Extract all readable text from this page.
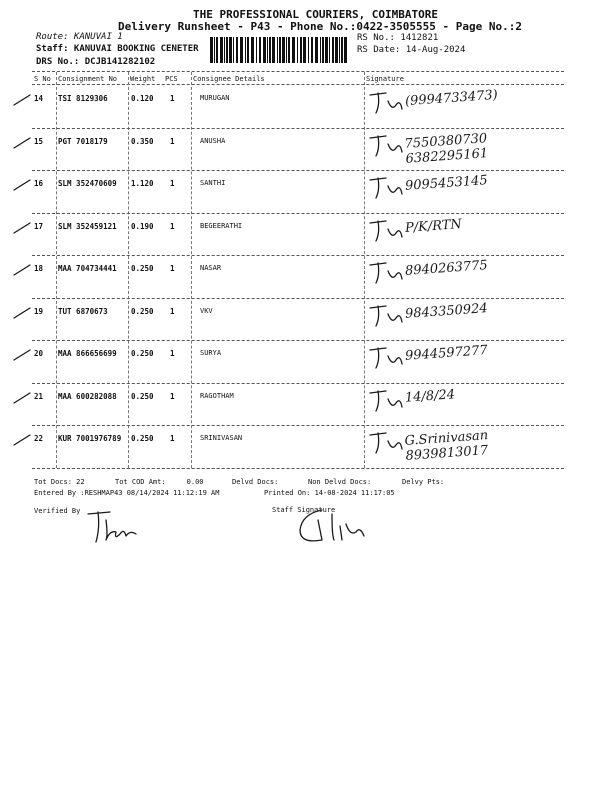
THE PROFESSIONAL COURIERS, COIMBATORE
Delivery Runsheet - P43 - Phone No.:0422-3505555 - Page No.:2
Route: KANUVAI 1
Staff: KANUVAI BOOKING CENETER
DRS No.: DCJB141282102
RS No.: 1412821
RS Date: 14-Aug-2024
S No Consignment No Weight PCS Consignee Details	Signature
14 TSI 8129306	0.120 1	MURUGAN	(9994733473)
15 PGT 7018179	0.350 1	ANUSHA	7550380730
6382295161
16 SLM 352470609 1.120 1	SANTHI	9095453145
17 SLM 352459121 0.190 1	BEGEERATHI	P/K/RTN
18 MAA 704734441 0.250 1	NASAR	8940263775
19 TUT 6870673	0.250 1	VKV	9843350924
20 MAA 866656699 0.250 1	SURYA	9944597277
21 MAA 600282088 0.250 1	RAGOTHAM	14/8/24
22 KUR 7001976789 0.250 1	SRINIVASAN	G.Srinivasan
8939813017
Tot Docs: 22	Tot COD Amt:     0.00	Delvd Docs:	Non Delvd Docs:	Delvy Pts:
Entered By :RESHMAP43 08/14/2024 11:12:19 AM	Printed On: 14-08-2024 11:17:05
Verified By	Staff Signature
